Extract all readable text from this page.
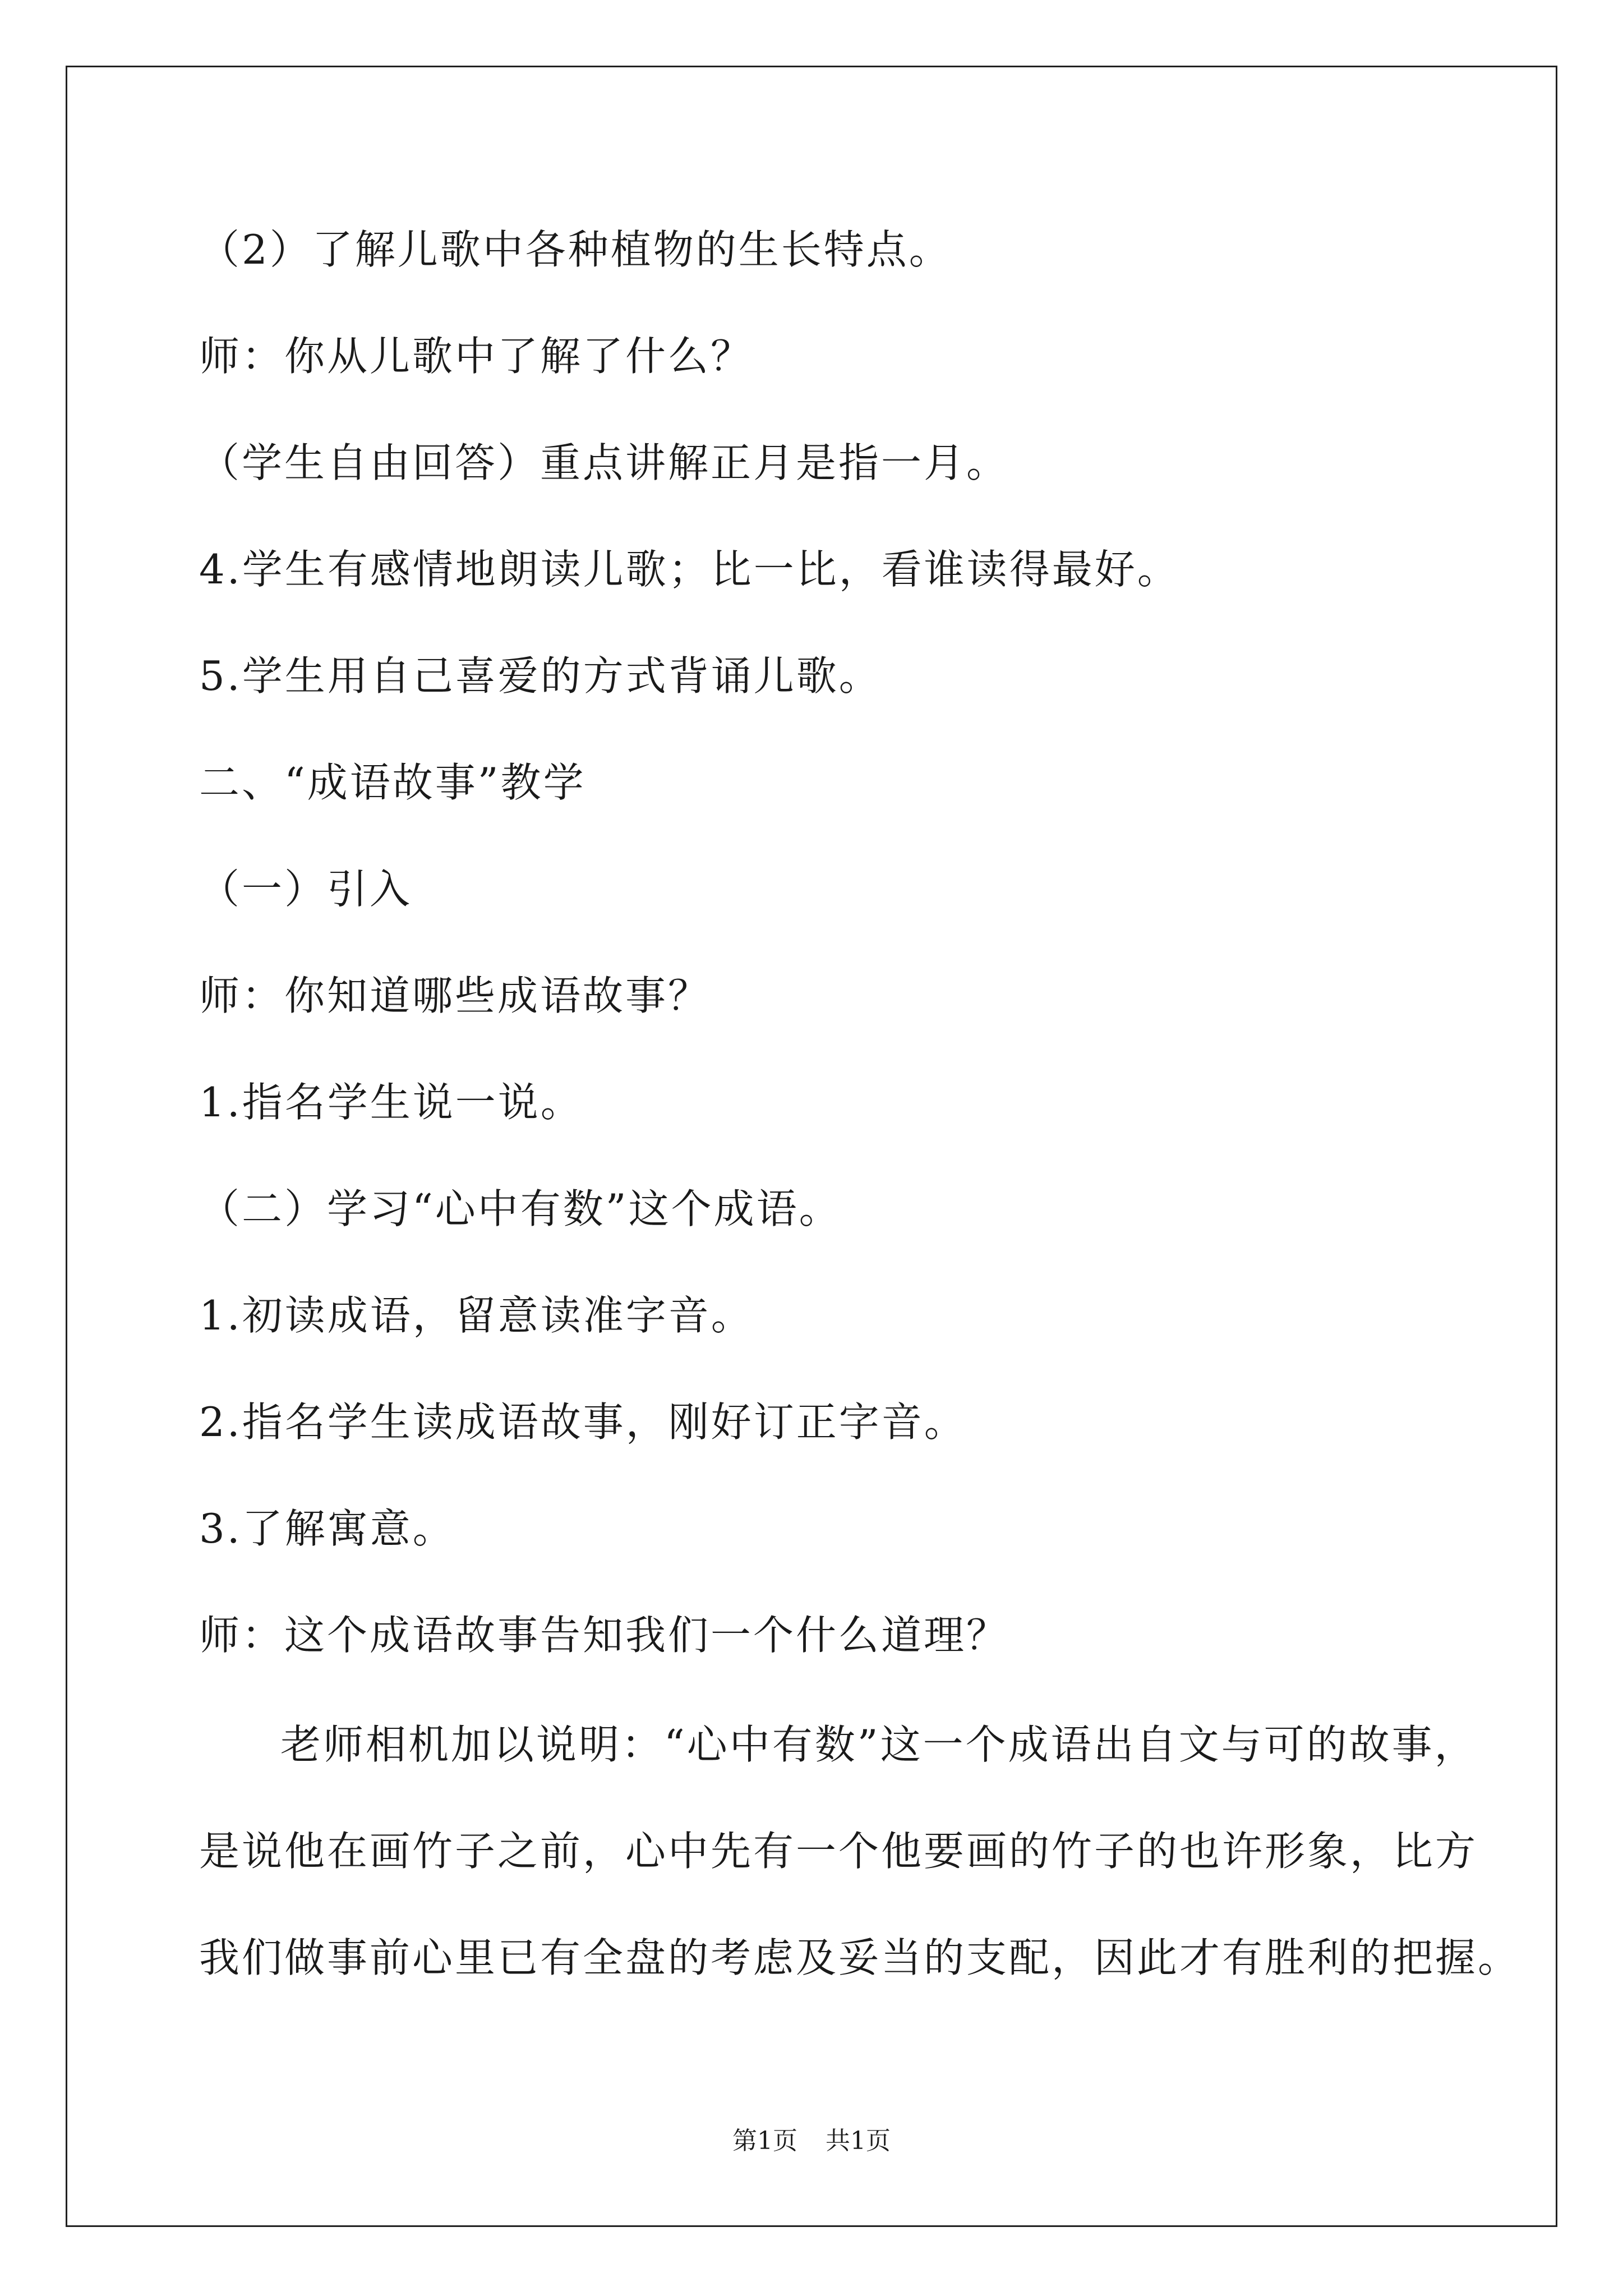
（2）了解儿歌中各种植物的生长特点。
师：你从儿歌中了解了什么？
（学生自由回答）重点讲解正月是指一月。
4.学生有感情地朗读儿歌；比一比，看谁读得最好。
5.学生用自己喜爱的方式背诵儿歌。
二、“成语故事”教学
（一）引入
师：你知道哪些成语故事？
1.指名学生说一说。
（二）学习“心中有数”这个成语。
1.初读成语，留意读准字音。
2.指名学生读成语故事，刚好订正字音。
3.了解寓意。
师：这个成语故事告知我们一个什么道理？
老师相机加以说明：“心中有数”这一个成语出自文与可的故事，
是说他在画竹子之前，心中先有一个他要画的竹子的也许形象，比方
我们做事前心里已有全盘的考虑及妥当的支配，因此才有胜利的把握。
第1页 共1页
